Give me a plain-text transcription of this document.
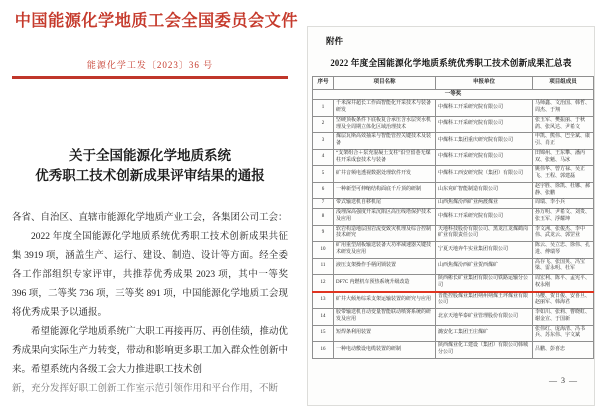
中国能源化学地质工会全国委员会文件
能源化学工发〔2023〕36 号
关于全国能源化学地质系统
优秀职工技术创新成果评审结果的通报
各省、自治区、直辖市能源化学地质产业工会，各集团公司工会：
2022 年度全国能源化学地质系统优秀职工技术创新成果共征集 3919 项，涵盖生产、运行、建设、制造、设计等方面。经全委各工作部组织专家评审，共推荐优秀成果 2023 项，其中一等奖 396 项，二等奖 736 项，三等奖 891 项，中国能源化学地质工会现将优秀成果予以通报。
希望能源化学地质系统广大职工再接再厉、再创佳绩，推动优秀成果向实际生产力转变，带动和影响更多职工加入群众性创新中来。希望系统内各级工会大力推进职工技术创
新，充分发挥好职工创新工作室示范引领作用和平台作用，不断
附件
2022 年度全国能源化学地质系统优秀职工技术创新成果汇总表
序号	项目名称	申报单位	项目组成员
一等奖			
1	千米深井超长工作面智能化开采技术与装备研发	中煤科工开采研究院有限公司	马师鑫、文治国、韩哲、周杰、于翔
2	坚硬顶板条件下底板复合承压含水层突水机理及全周期立体化区域治理技术	中煤科工开采研究院有限公司	张玉军、樊振丽、于秋鸽、张风达、尹希文
3	煤层瓦斯高效抽采与智能管控关键技术及装备	中煤科工集团重庆研究院有限公司	申凯、熊伟、巴全斌、康引、肖正
4	“支架组合＋泵充混凝土支柱”沿空留巷无煤柱开采成套技术与装备	中煤科工开采研究院有限公司	田锦州、王东攀、潘丙双、张魁、马冰
5	矿井音频电透视数据处理软件开发	中煤科工西安研究院（集团）有限公司	姚伟华、曾方禄、吴正飞、王程、郭建磊
6	一种新型可伸缩结构面底千斤顶的研制	山东兖矿智能制造有限公司	赵宇胜、徐凯、杜娜、郝静、张鹏
7	带式输送机自移机尾	山西焦煤汾西矿业两渡煤业	周瑞、李小兵
8	浅埋深高强度开采沉陷区高压线塔保护技术及应用	中煤科工开采研究院有限公司	孙万明、尹希文、刘贵、张玉军、浮耀坤
9	软岩构造地层围岩流变致灾机理及综合控制技术研究	天地科技股份有限公司、黑龙江龙煤鹤岗矿业有限责任公司	李文洲、张俊杰、李中伟、武龙云、郭罡业
10	矿用重型刮板输送装备大功率减速器关键技术研发及应用	宁夏天地奔牛实业集团有限公司	陈云、吴立忠、徐伟、孔进、傅瑞琴
11	液压支架操作手柄闭锁装置	山西焦煤汾西矿业贺西煤矿	高存飞、张国英、冯宝梁、雷永明、杜军
12	DF7C 内燃机车预热系统升级改造	陕西彬长矿业集团有限公司铁路运输分公司	周宏利、陈平、孟宪平、权永刚
13	矿井大倾角综采支架运输装置的研究与应用	晋能控股煤业集团朔州朔煤王坪煤业有限公司	马樱、贺日俊、安喜旦、赵丽军、韩海君
14	胶带输送机自动变量智能联动喷雾系统的研发及应用	北京天地华泰矿业管理股份有限公司	李如川、张莉、曹晓虹、谢金宣、于国新
15	短焊条利用装置	潞安化工集团王庄煤矿	张伟红、庞海清、冯书兵、苏东伟、宇文斌
16	一种电动敷设电缆装置的研制	陕西煤业化工建设（集团）有限公司韩城分公司	吕鹏、彭喜忠
— 3 —
